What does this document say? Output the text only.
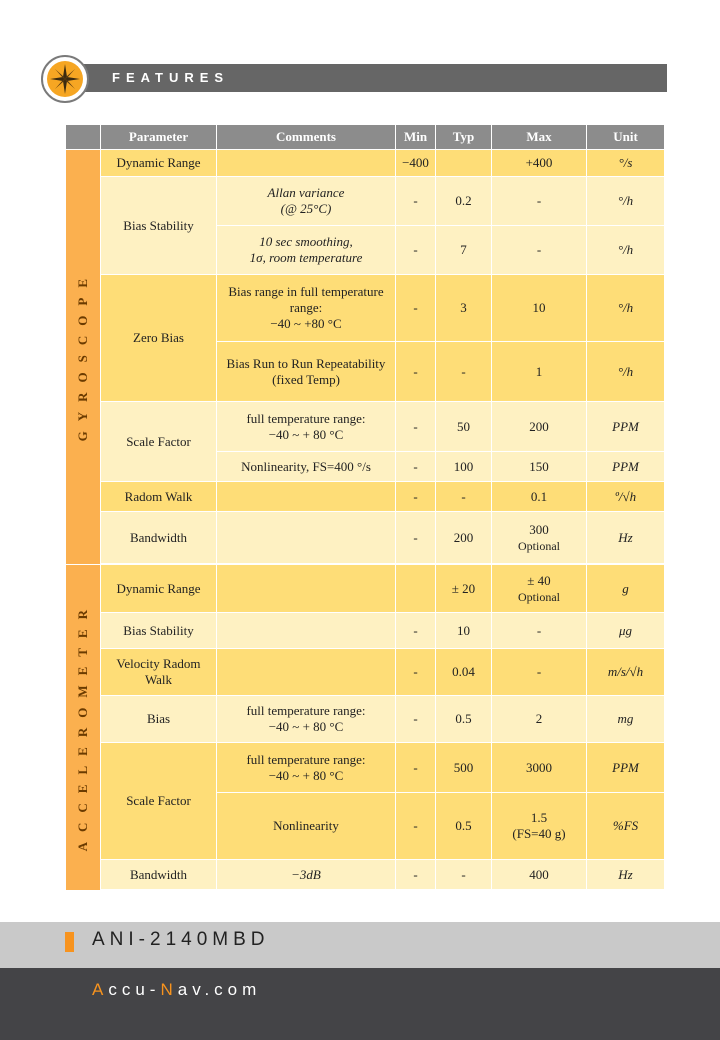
FEATURES
	Parameter	Comments	Min	Typ	Max	Unit
GYROSCOPE	Dynamic Range		−400		+400	°/s
	Bias Stability	Allan variance
(@ 25°C)	-	0.2	-	°/h
		10 sec smoothing,
1σ, room temperature	-	7	-	°/h
	Zero Bias	Bias range in full temperature range:
−40 ~ +80 °C	-	3	10	°/h
		Bias Run to Run Repeatability (fixed Temp)	-	-	1	°/h
	Scale Factor	full temperature range:
−40 ~ + 80 °C	-	50	200	PPM
		Nonlinearity, FS=400 °/s	-	100	150	PPM
	Radom Walk		-	-	0.1	º/√h
	Bandwidth		-	200	300
Optional	Hz

ACCELEROMETER	Dynamic Range			± 20	± 40
Optional	g
	Bias Stability		-	10	-	μg
	Velocity Radom Walk		-	0.04	-	m/s/√h
	Bias	full temperature range:
−40 ~ + 80 °C	-	0.5	2	mg
	Scale Factor	full temperature range:
−40 ~ + 80 °C	-	500	3000	PPM
		Nonlinearity	-	0.5	1.5
(FS=40 g)	%FS
	Bandwidth	−3dB	-	-	400	Hz

ANI-2140MBD
Accu-Nav.com
